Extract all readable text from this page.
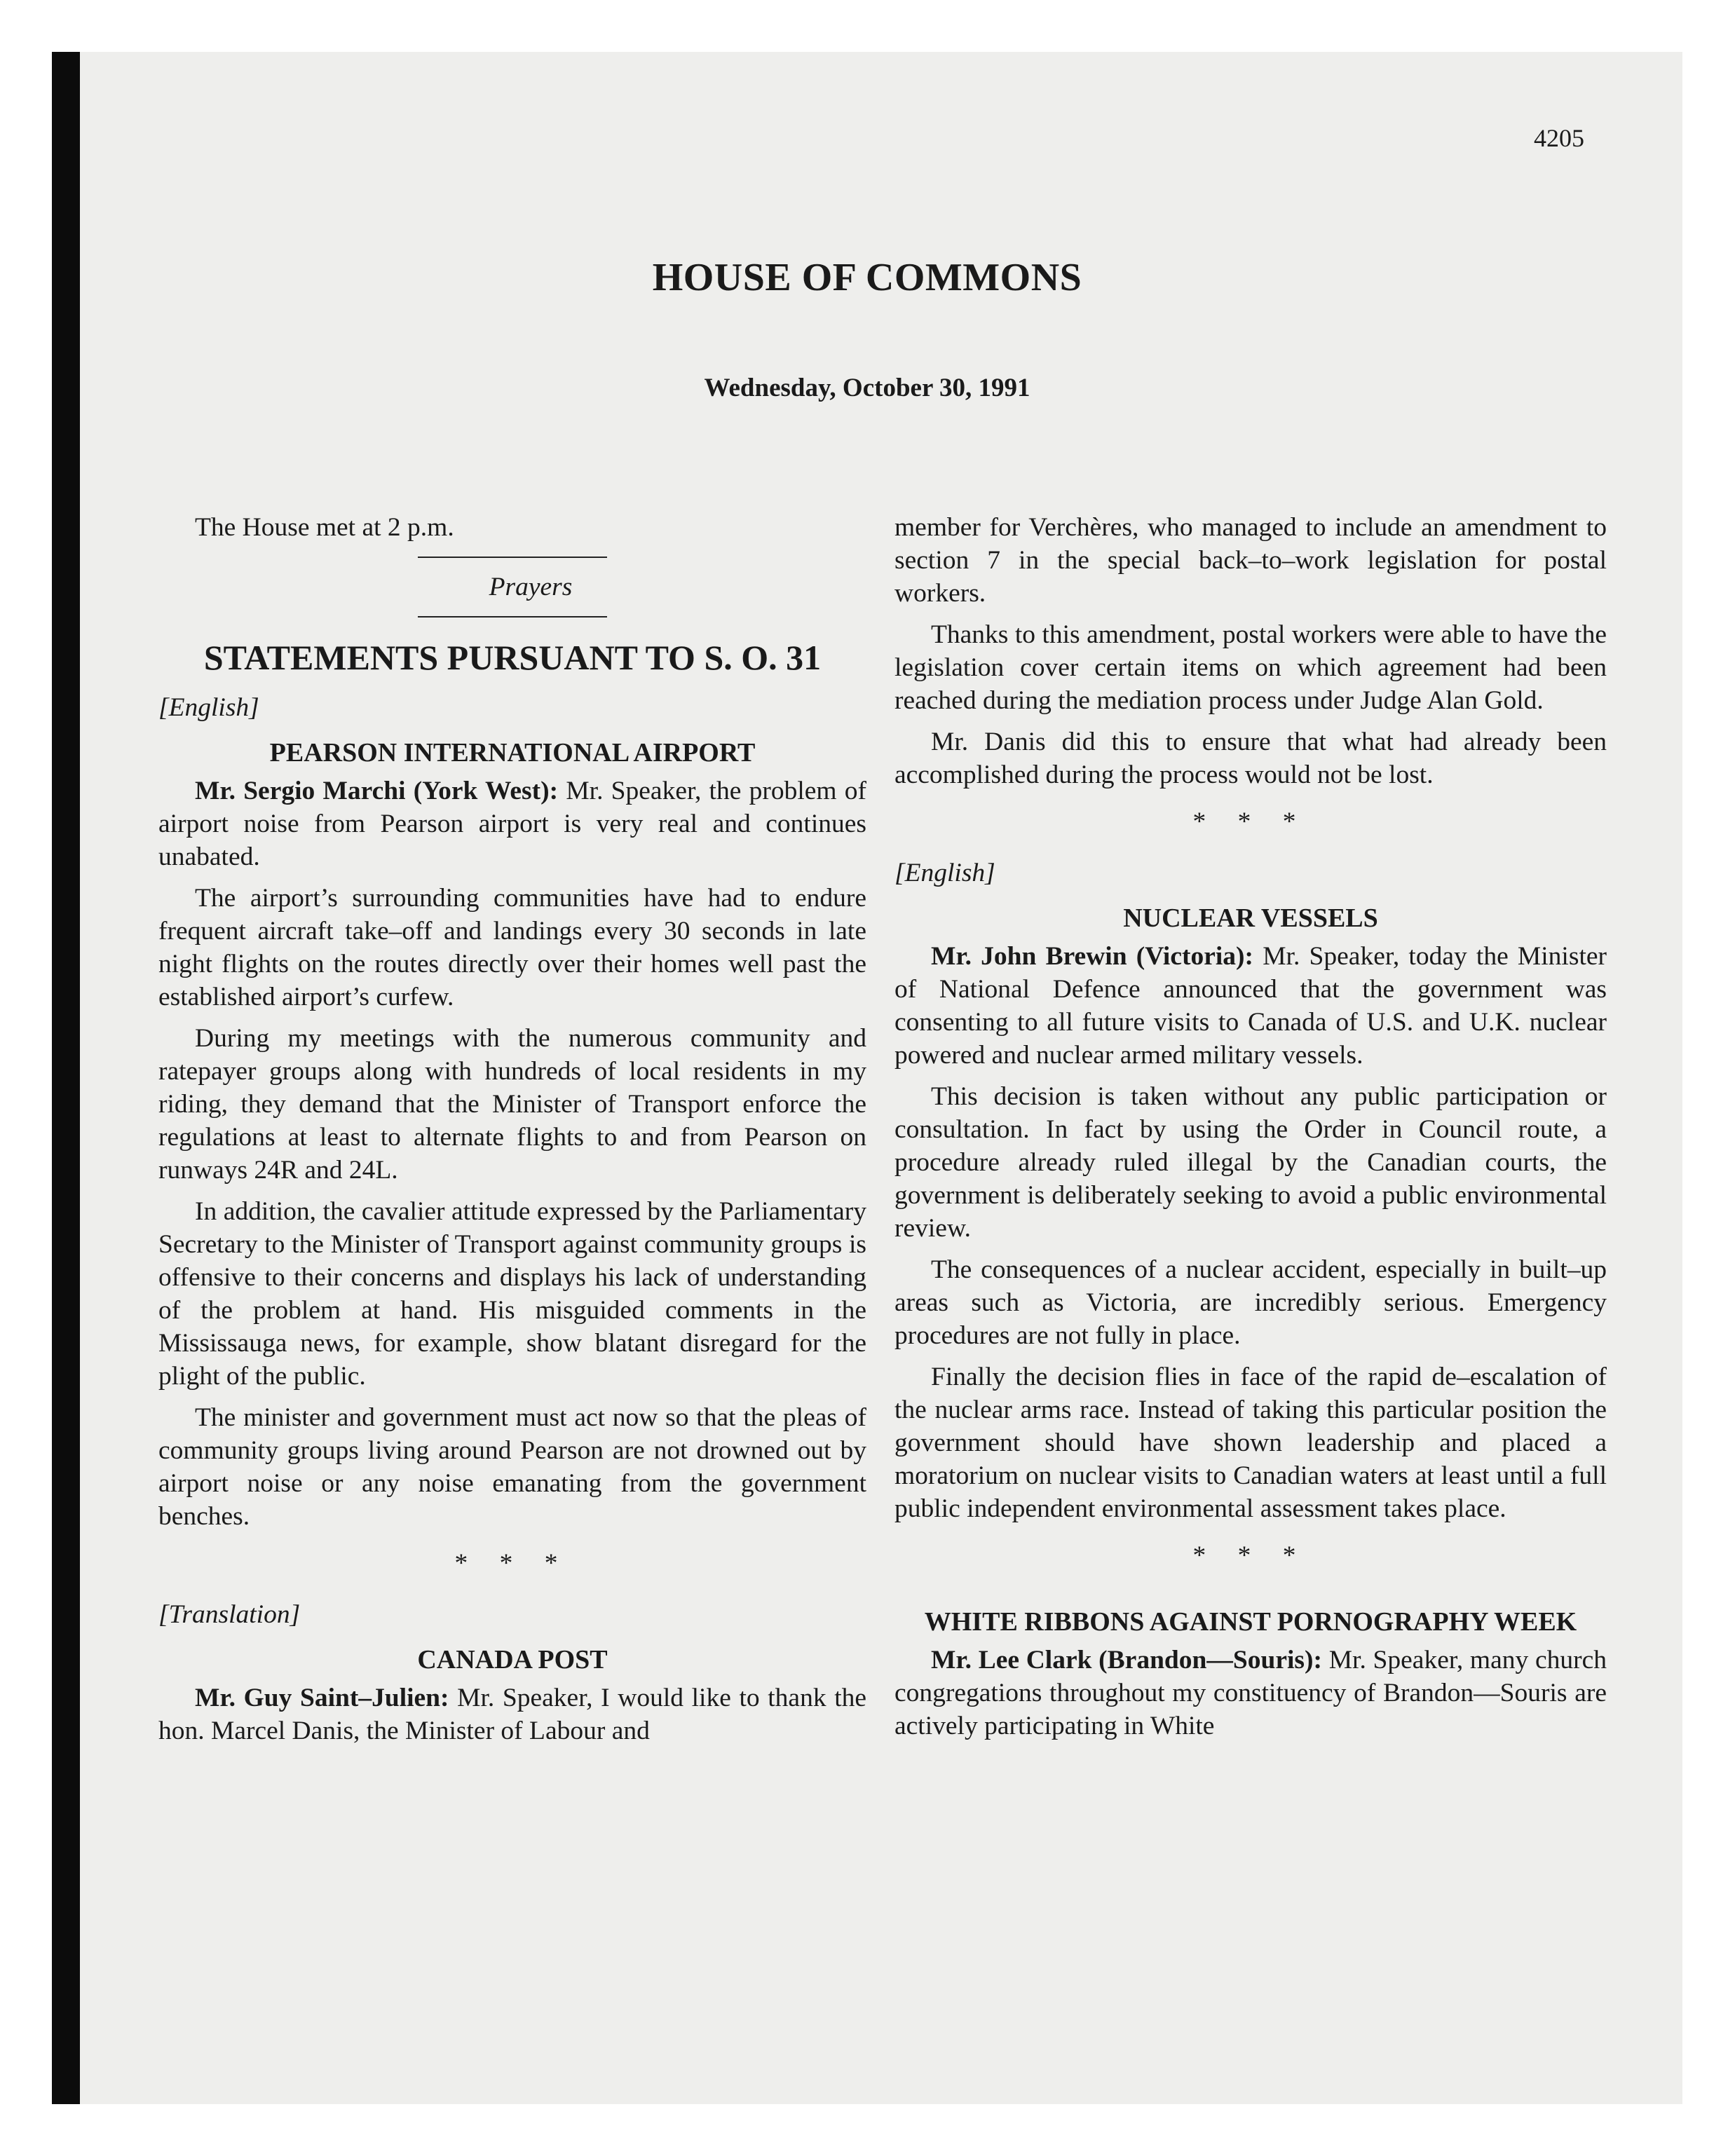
4205
HOUSE OF COMMONS
Wednesday, October 30, 1991

The House met at 2 p.m.

Prayers

STATEMENTS PURSUANT TO S. O. 31
[English]
PEARSON INTERNATIONAL AIRPORT

Mr. Sergio Marchi (York West): Mr. Speaker, the problem of airport noise from Pearson airport is very real and continues unabated.

The airport’s surrounding communities have had to endure frequent aircraft take–off and landings every 30 seconds in late night flights on the routes directly over their homes well past the established airport’s curfew.

During my meetings with the numerous community and ratepayer groups along with hundreds of local residents in my riding, they demand that the Minister of Transport enforce the regulations at least to alternate flights to and from Pearson on runways 24R and 24L.

In addition, the cavalier attitude expressed by the Parliamentary Secretary to the Minister of Transport against community groups is offensive to their concerns and displays his lack of understanding of the problem at hand. His misguided comments in the Mississauga news, for example, show blatant disregard for the plight of the public.

The minister and government must act now so that the pleas of community groups living around Pearson are not drowned out by airport noise or any noise emanating from the government benches.

* * *
[Translation]
CANADA POST

Mr. Guy Saint–Julien: Mr. Speaker, I would like to thank the hon. Marcel Danis, the Minister of Labour and

member for Verchères, who managed to include an amendment to section 7 in the special back–to–work legislation for postal workers.

Thanks to this amendment, postal workers were able to have the legislation cover certain items on which agreement had been reached during the mediation process under Judge Alan Gold.

Mr. Danis did this to ensure that what had already been accomplished during the process would not be lost.

* * *
[English]
NUCLEAR VESSELS

Mr. John Brewin (Victoria): Mr. Speaker, today the Minister of National Defence announced that the government was consenting to all future visits to Canada of U.S. and U.K. nuclear powered and nuclear armed military vessels.

This decision is taken without any public participation or consultation. In fact by using the Order in Council route, a procedure already ruled illegal by the Canadian courts, the government is deliberately seeking to avoid a public environmental review.

The consequences of a nuclear accident, especially in built–up areas such as Victoria, are incredibly serious. Emergency procedures are not fully in place.

Finally the decision flies in face of the rapid de–escalation of the nuclear arms race. Instead of taking this particular position the government should have shown leadership and placed a moratorium on nuclear visits to Canadian waters at least until a full public independent environmental assessment takes place.

* * *
WHITE RIBBONS AGAINST PORNOGRAPHY WEEK

Mr. Lee Clark (Brandon—Souris): Mr. Speaker, many church congregations throughout my constituency of Brandon—Souris are actively participating in White
